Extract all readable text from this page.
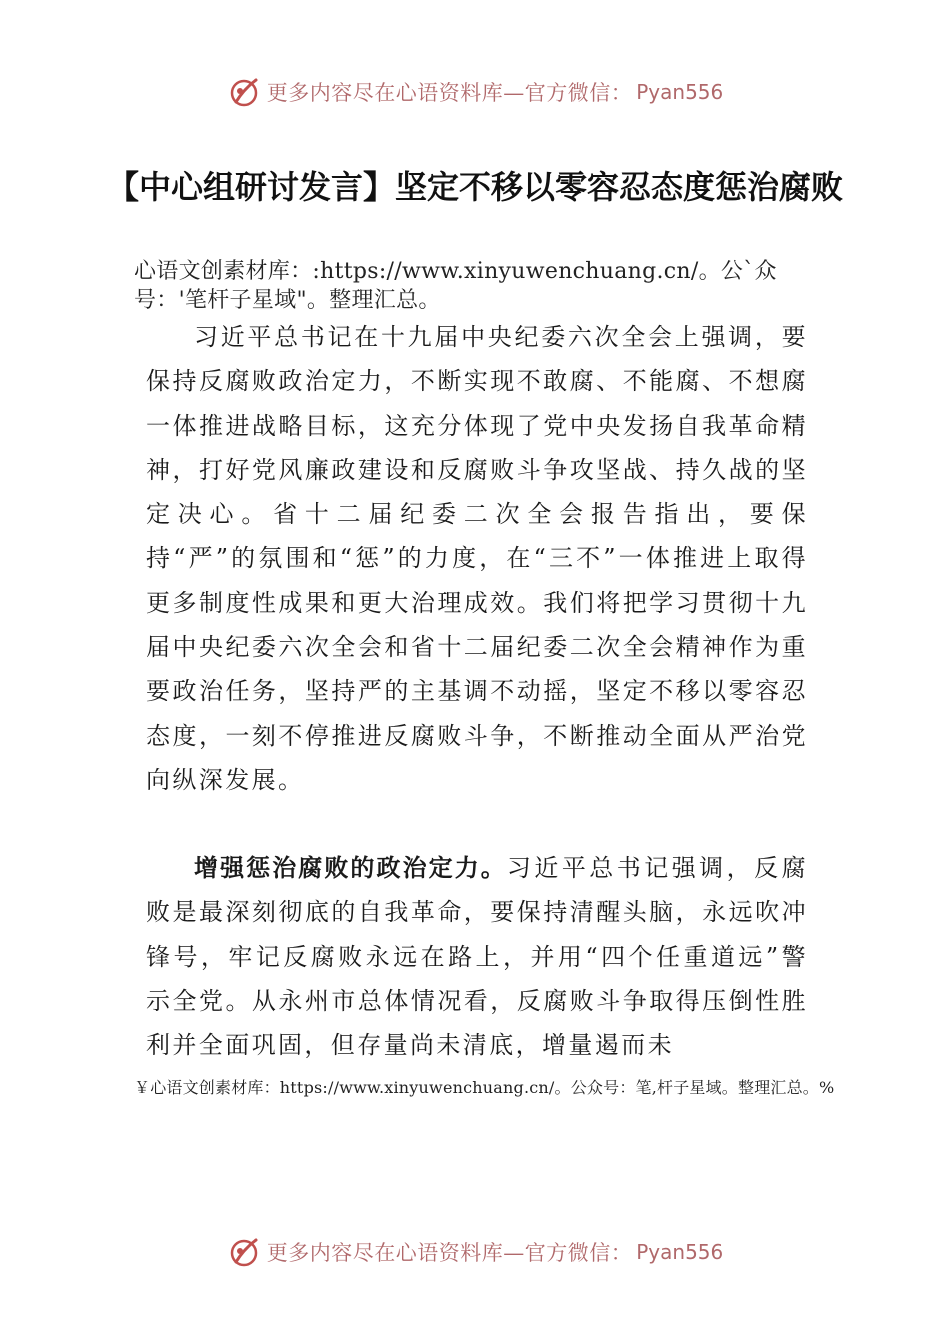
更多内容尽在心语资料库—官方微信： Pyan556
【中心组研讨发言】坚定不移以零容忍态度惩治腐败
心语文创素材库：:https://www.xinyuwenchuang.cn/。公`众号：'笔杆子星域"。整理汇总。

习近平总书记在十九届中央纪委六次全会上强调，要保持反腐败政治定力，不断实现不敢腐、不能腐、不想腐一体推进战略目标，这充分体现了党中央发扬自我革命精神，打好党风廉政建设和反腐败斗争攻坚战、持久战的坚定决心。省十二届纪委二次全会报告指出，要保持“严”的氛围和“惩”的力度，在“三不”一体推进上取得更多制度性成果和更大治理成效。我们将把学习贯彻十九届中央纪委六次全会和省十二届纪委二次全会精神作为重要政治任务，坚持严的主基调不动摇，坚定不移以零容忍态度，一刻不停推进反腐败斗争，不断推动全面从严治党向纵深发展。

增强惩治腐败的政治定力。习近平总书记强调，反腐败是最深刻彻底的自我革命，要保持清醒头脑，永远吹冲锋号，牢记反腐败永远在路上，并用“四个任重道远”警示全党。从永州市总体情况看，反腐败斗争取得压倒性胜利并全面巩固，但存量尚未清底，增量遏而未

￥心语文创素材库：https://www.xinyuwenchuang.cn/。公众号：笔,杆子星域。整理汇总。%
更多内容尽在心语资料库—官方微信： Pyan556
